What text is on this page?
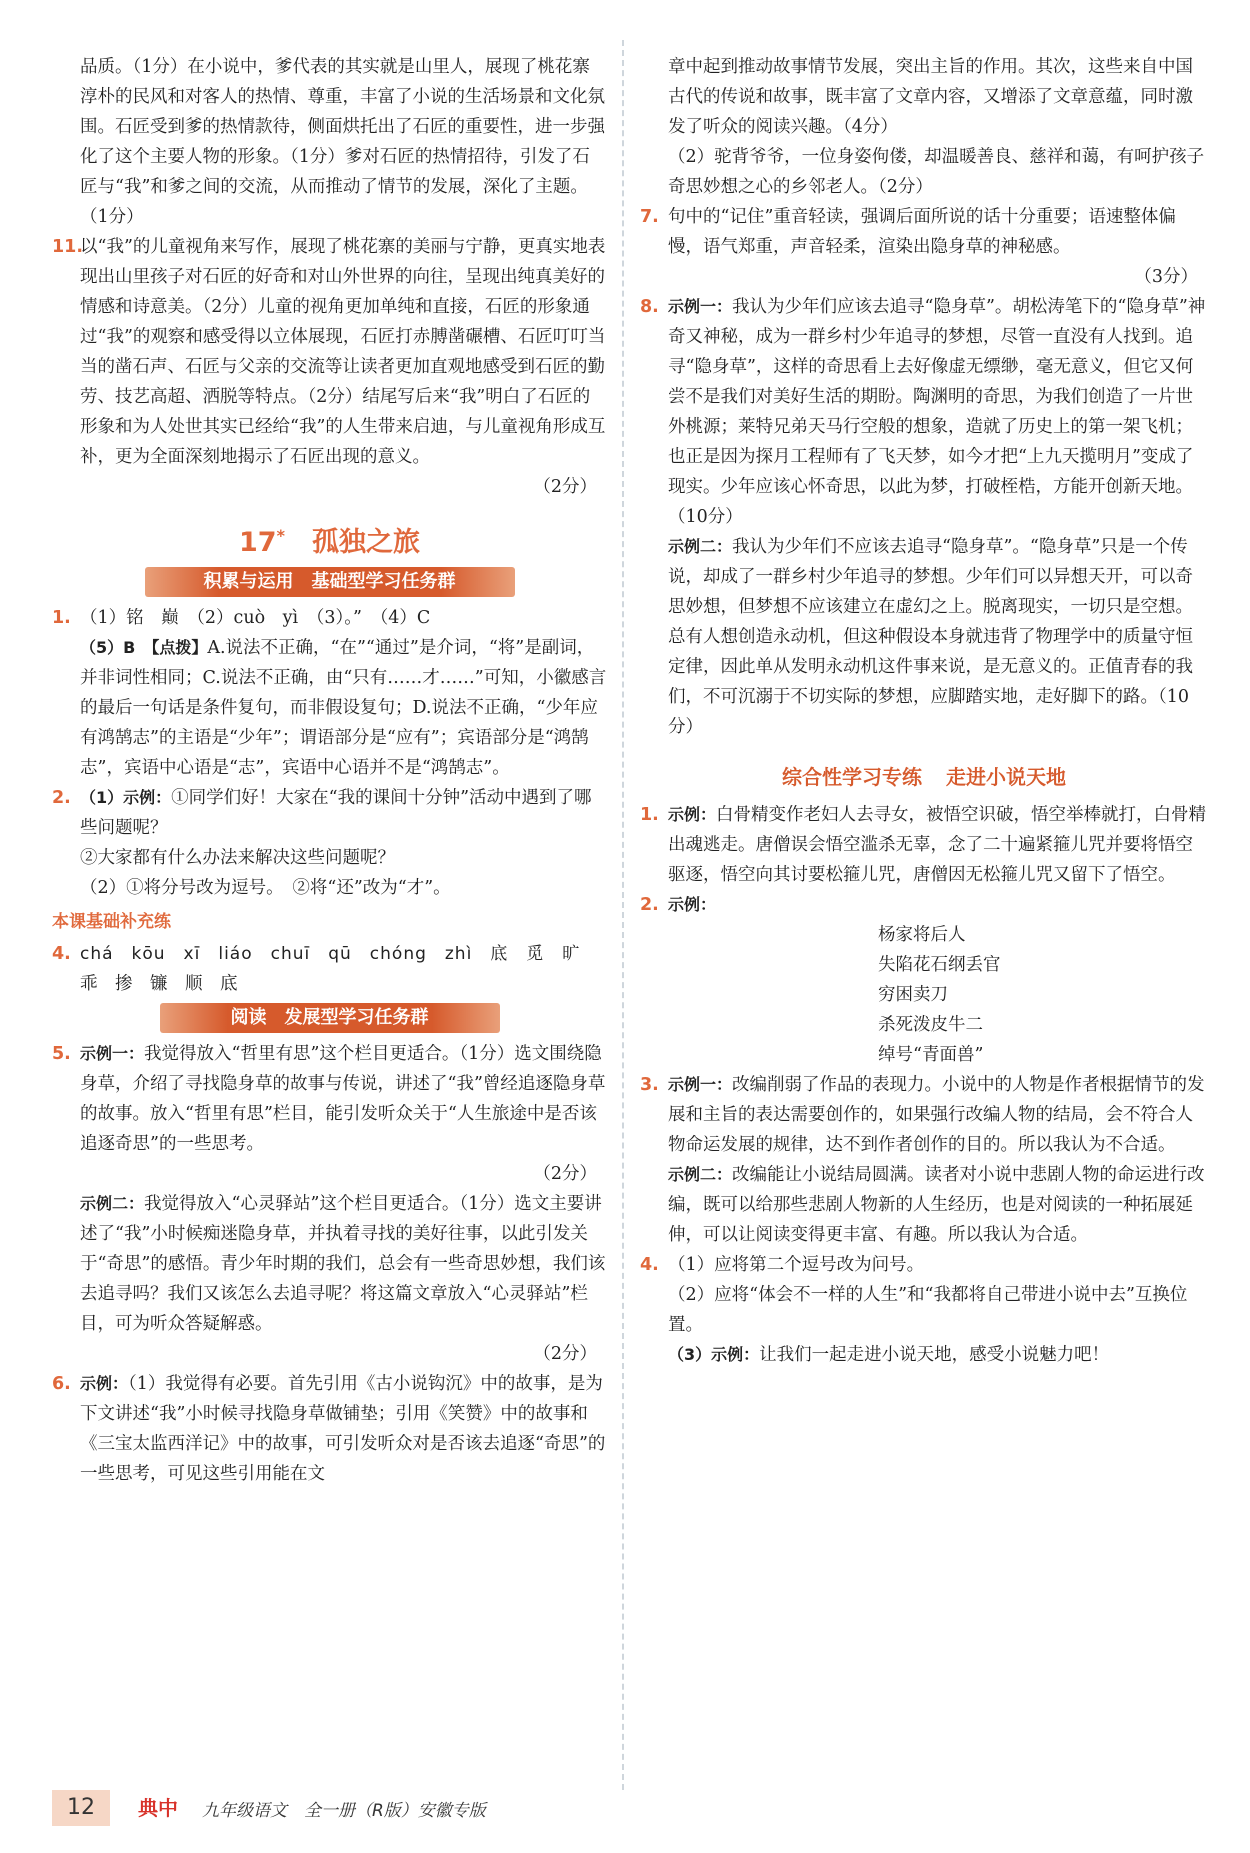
品质。（1分）在小说中，爹代表的其实就是山里人，展现了桃花寨淳朴的民风和对客人的热情、尊重，丰富了小说的生活场景和文化氛围。石匠受到爹的热情款待，侧面烘托出了石匠的重要性，进一步强化了这个主要人物的形象。（1分）爹对石匠的热情招待，引发了石匠与“我”和爹之间的交流，从而推动了情节的发展，深化了主题。（1分）

11.

以“我”的儿童视角来写作，展现了桃花寨的美丽与宁静，更真实地表现出山里孩子对石匠的好奇和对山外世界的向往，呈现出纯真美好的情感和诗意美。（2分）儿童的视角更加单纯和直接，石匠的形象通过“我”的观察和感受得以立体展现，石匠打赤膊凿碾槽、石匠叮叮当当的凿石声、石匠与父亲的交流等让读者更加直观地感受到石匠的勤劳、技艺高超、洒脱等特点。（2分）结尾写后来“我”明白了石匠的形象和为人处世其实已经给“我”的人生带来启迪，与儿童视角形成互补，更为全面深刻地揭示了石匠出现的意义。

（2分）

17*　 孤独之旅
积累与运用　基础型学习任务群
1. （1）铭　巅　（2）cuò　yì　（3）。”　（4）C

（5）B　【点拨】A.说法不正确，“在”“通过”是介词，“将”是副词，并非词性相同；C.说法不正确，由“只有……才……”可知，小徽感言的最后一句话是条件复句，而非假设复句；D.说法不正确，“少年应有鸿鹄志”的主语是“少年”；谓语部分是“应有”；宾语部分是“鸿鹄志”，宾语中心语是“志”，宾语中心语并不是“鸿鹄志”。

2. （1）示例：①同学们好！大家在“我的课间十分钟”活动中遇到了哪些问题呢？

②大家都有什么办法来解决这些问题呢？

（2）①将分号改为逗号。　②将“还”改为“才”。

本课基础补充练
4. chá　kōu　xī　liáo　chuī　qū　chóng　zhì　底　觅　旷

乖　掺　镰　顺　底

阅读　发展型学习任务群
5. 示例一：我觉得放入“哲里有思”这个栏目更适合。（1分）选文围绕隐身草，介绍了寻找隐身草的故事与传说，讲述了“我”曾经追逐隐身草的故事。放入“哲里有思”栏目，能引发听众关于“人生旅途中是否该追逐奇思”的一些思考。

（2分）

示例二：我觉得放入“心灵驿站”这个栏目更适合。（1分）选文主要讲述了“我”小时候痴迷隐身草，并执着寻找的美好往事，以此引发关于“奇思”的感悟。青少年时期的我们，总会有一些奇思妙想，我们该去追寻吗？我们又该怎么去追寻呢？将这篇文章放入“心灵驿站”栏目，可为听众答疑解惑。

（2分）

6. 示例：（1）我觉得有必要。首先引用《古小说钩沉》中的故事，是为下文讲述“我”小时候寻找隐身草做铺垫；引用《笑赞》中的故事和《三宝太监西洋记》中的故事，可引发听众对是否该去追逐“奇思”的一些思考，可见这些引用能在文

章中起到推动故事情节发展，突出主旨的作用。其次，这些来自中国古代的传说和故事，既丰富了文章内容，又增添了文章意蕴，同时激发了听众的阅读兴趣。（4分）

（2）驼背爷爷，一位身姿佝偻，却温暖善良、慈祥和蔼，有呵护孩子奇思妙想之心的乡邻老人。（2分）

7. 句中的“记住”重音轻读，强调后面所说的话十分重要；语速整体偏慢，语气郑重，声音轻柔，渲染出隐身草的神秘感。

（3分）

8. 示例一：我认为少年们应该去追寻“隐身草”。胡松涛笔下的“隐身草”神奇又神秘，成为一群乡村少年追寻的梦想，尽管一直没有人找到。追寻“隐身草”，这样的奇思看上去好像虚无缥缈，毫无意义，但它又何尝不是我们对美好生活的期盼。陶渊明的奇思，为我们创造了一片世外桃源；莱特兄弟天马行空般的想象，造就了历史上的第一架飞机；也正是因为探月工程师有了飞天梦，如今才把“上九天揽明月”变成了现实。少年应该心怀奇思，以此为梦，打破桎梏，方能开创新天地。（10分）

示例二：我认为少年们不应该去追寻“隐身草”。“隐身草”只是一个传说，却成了一群乡村少年追寻的梦想。少年们可以异想天开，可以奇思妙想，但梦想不应该建立在虚幻之上。脱离现实，一切只是空想。总有人想创造永动机，但这种假设本身就违背了物理学中的质量守恒定律，因此单从发明永动机这件事来说，是无意义的。正值青春的我们，不可沉溺于不切实际的梦想，应脚踏实地，走好脚下的路。（10分）

综合性学习专练 走进小说天地
1. 示例：白骨精变作老妇人去寻女，被悟空识破，悟空举棒就打，白骨精出魂逃走。唐僧误会悟空滥杀无辜，念了二十遍紧箍儿咒并要将悟空驱逐，悟空向其讨要松箍儿咒，唐僧因无松箍儿咒又留下了悟空。

2. 示例：

杨家将后人

失陷花石纲丢官

穷困卖刀

杀死泼皮牛二

绰号“青面兽”

3. 示例一：改编削弱了作品的表现力。小说中的人物是作者根据情节的发展和主旨的表达需要创作的，如果强行改编人物的结局，会不符合人物命运发展的规律，达不到作者创作的目的。所以我认为不合适。

示例二：改编能让小说结局圆满。读者对小说中悲剧人物的命运进行改编，既可以给那些悲剧人物新的人生经历，也是对阅读的一种拓展延伸，可以让阅读变得更丰富、有趣。所以我认为合适。

4. （1）应将第二个逗号改为问号。

（2）应将“体会不一样的人生”和“我都将自己带进小说中去”互换位置。

（3）示例：让我们一起走进小说天地，感受小说魅力吧！

12	典中 九年级语文　全一册（R版）安徽专版
